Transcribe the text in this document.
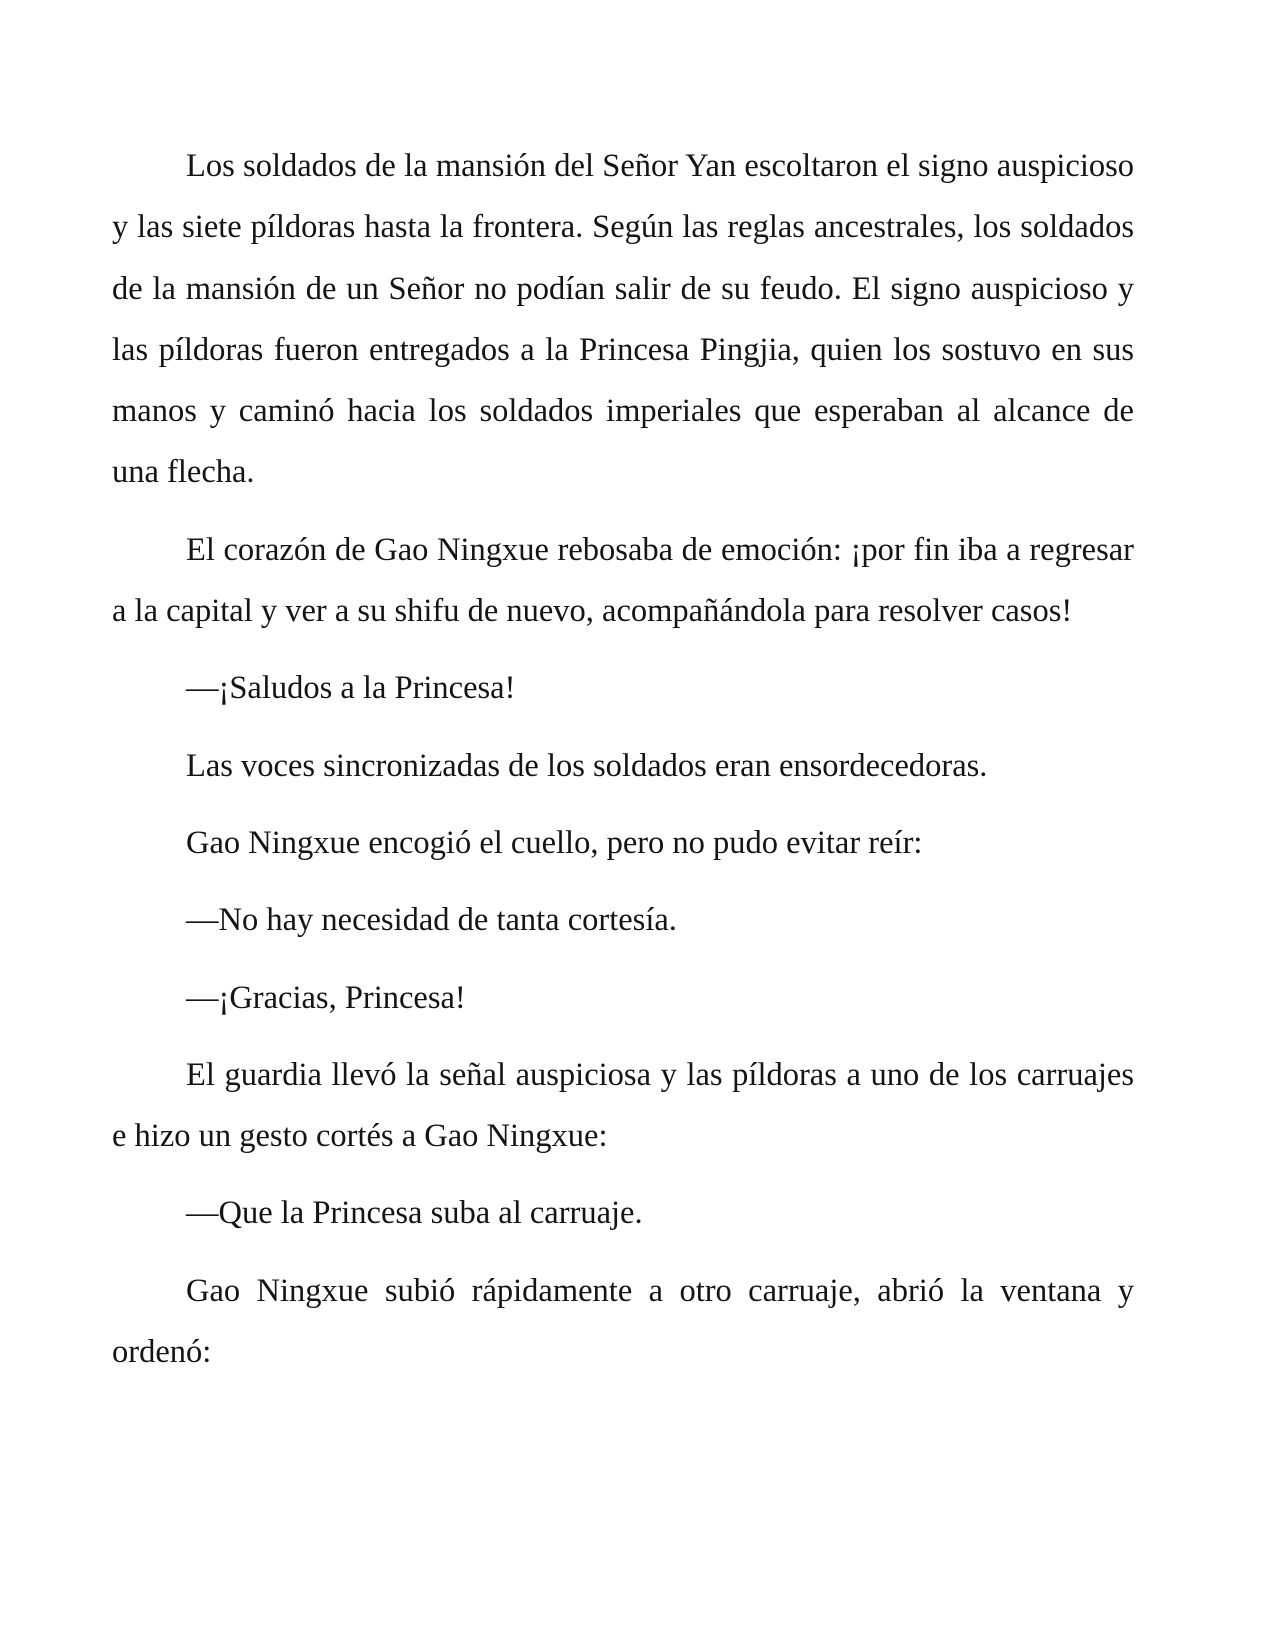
Los soldados de la mansión del Señor Yan escoltaron el signo auspicioso y las siete píldoras hasta la frontera. Según las reglas ancestrales, los soldados de la mansión de un Señor no podían salir de su feudo. El signo auspicioso y las píldoras fueron entregados a la Princesa Pingjia, quien los sostuvo en sus manos y caminó hacia los soldados imperiales que esperaban al alcance de una flecha.

El corazón de Gao Ningxue rebosaba de emoción: ¡por fin iba a regresar a la capital y ver a su shifu de nuevo, acompañándola para resolver casos!

—¡Saludos a la Princesa!

Las voces sincronizadas de los soldados eran ensordecedoras.

Gao Ningxue encogió el cuello, pero no pudo evitar reír:

—No hay necesidad de tanta cortesía.

—¡Gracias, Princesa!

El guardia llevó la señal auspiciosa y las píldoras a uno de los carruajes e hizo un gesto cortés a Gao Ningxue:

—Que la Princesa suba al carruaje.

Gao Ningxue subió rápidamente a otro carruaje, abrió la ventana y ordenó:
